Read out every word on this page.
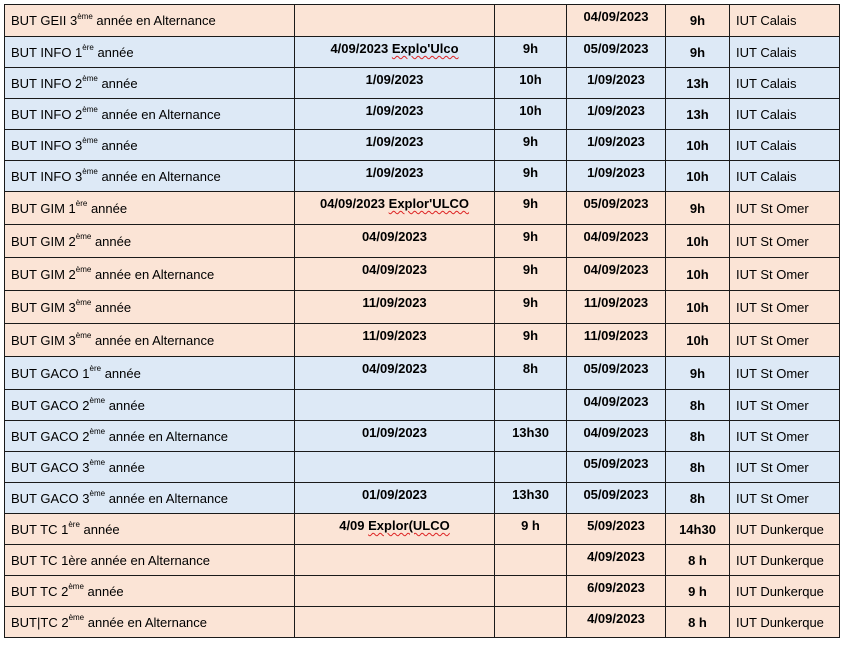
BUT GEII 3ème année en Alternance			04/09/2023	9h	IUT Calais
BUT INFO 1ère année	4/09/2023 Explo'Ulco	9h	05/09/2023	9h	IUT Calais
BUT INFO 2ème année	1/09/2023	10h	1/09/2023	13h	IUT Calais
BUT INFO 2ème année en Alternance	1/09/2023	10h	1/09/2023	13h	IUT Calais
BUT INFO 3ème année	1/09/2023	9h	1/09/2023	10h	IUT Calais
BUT INFO 3ème année en Alternance	1/09/2023	9h	1/09/2023	10h	IUT Calais
BUT GIM 1ère année	04/09/2023 Explor'ULCO	9h	05/09/2023	9h	IUT St Omer
BUT GIM 2ème année	04/09/2023	9h	04/09/2023	10h	IUT St Omer
BUT GIM 2ème année en Alternance	04/09/2023	9h	04/09/2023	10h	IUT St Omer
BUT GIM 3ème année	11/09/2023	9h	11/09/2023	10h	IUT St Omer
BUT GIM 3ème année en Alternance	11/09/2023	9h	11/09/2023	10h	IUT St Omer
BUT GACO 1ère année	04/09/2023	8h	05/09/2023	9h	IUT St Omer
BUT GACO 2ème année			04/09/2023	8h	IUT St Omer
BUT GACO 2ème année en Alternance	01/09/2023	13h30	04/09/2023	8h	IUT St Omer
BUT GACO 3ème année			05/09/2023	8h	IUT St Omer
BUT GACO 3ème année en Alternance	01/09/2023	13h30	05/09/2023	8h	IUT St Omer
BUT TC 1ère année	4/09 Explor(ULCO	9 h	5/09/2023	14h30	IUT Dunkerque
BUT TC 1ère année en Alternance			4/09/2023	8 h	IUT Dunkerque
BUT TC 2ème année			6/09/2023	9 h	IUT Dunkerque
BUT|TC 2ème année en Alternance			4/09/2023	8 h	IUT Dunkerque
